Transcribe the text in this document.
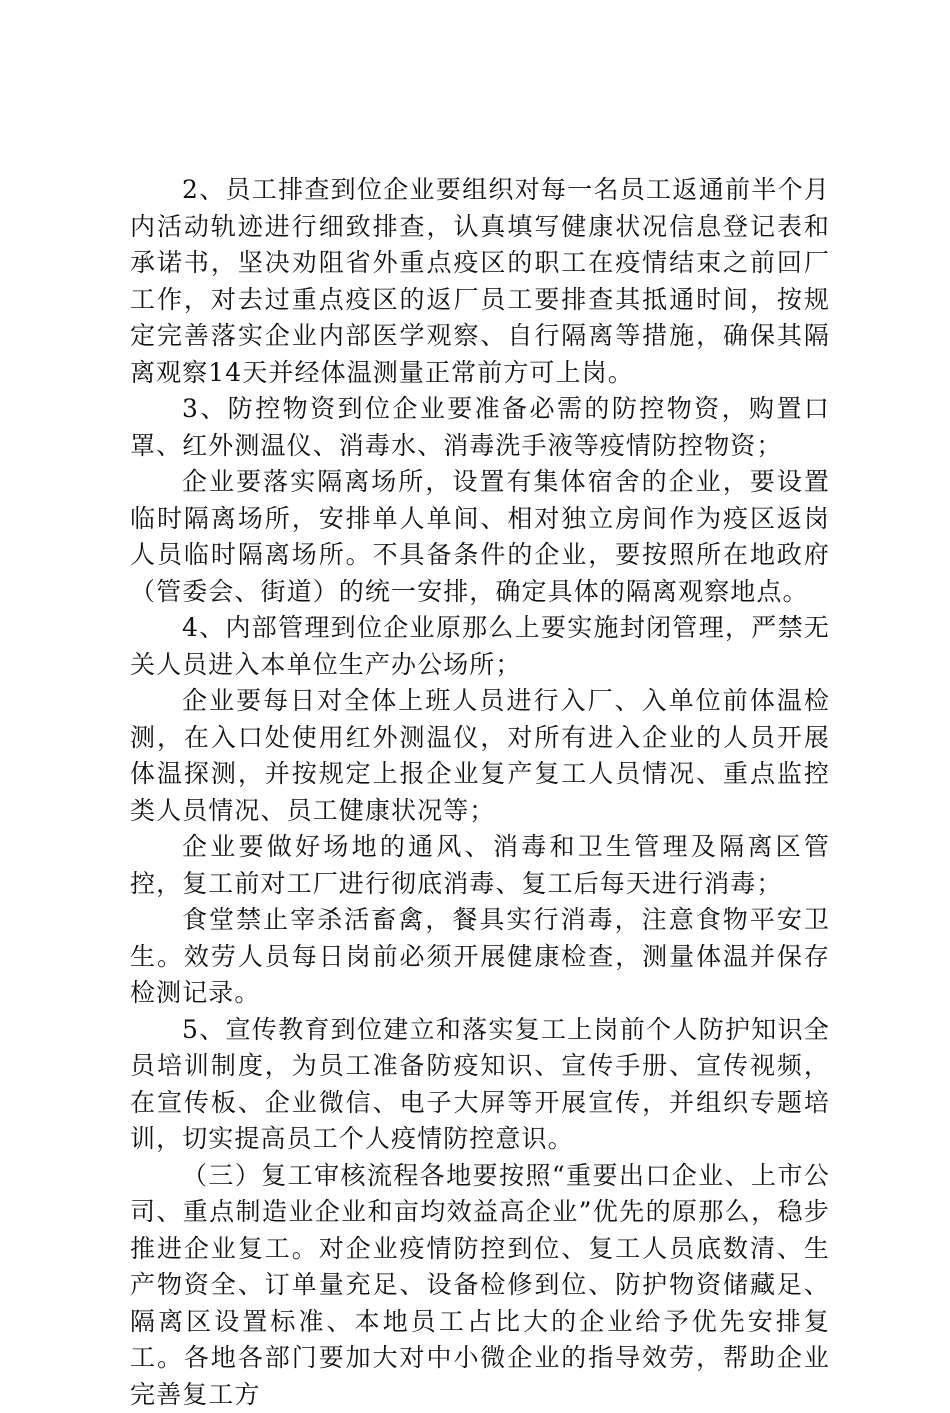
2、员工排查到位企业要组织对每一名员工返通前半个月内活动轨迹进行细致排查，认真填写健康状况信息登记表和承诺书，坚决劝阻省外重点疫区的职工在疫情结束之前回厂工作，对去过重点疫区的返厂员工要排查其抵通时间，按规定完善落实企业内部医学观察、自行隔离等措施，确保其隔离观察14天并经体温测量正常前方可上岗。

3、防控物资到位企业要准备必需的防控物资，购置口罩、红外测温仪、消毒水、消毒洗手液等疫情防控物资；

企业要落实隔离场所，设置有集体宿舍的企业，要设置临时隔离场所，安排单人单间、相对独立房间作为疫区返岗人员临时隔离场所。不具备条件的企业，要按照所在地政府（管委会、街道）的统一安排，确定具体的隔离观察地点。

4、内部管理到位企业原那么上要实施封闭管理，严禁无关人员进入本单位生产办公场所；

企业要每日对全体上班人员进行入厂、入单位前体温检测，在入口处使用红外测温仪，对所有进入企业的人员开展体温探测，并按规定上报企业复产复工人员情况、重点监控类人员情况、员工健康状况等；

企业要做好场地的通风、消毒和卫生管理及隔离区管控，复工前对工厂进行彻底消毒、复工后每天进行消毒；

食堂禁止宰杀活畜禽，餐具实行消毒，注意食物平安卫生。效劳人员每日岗前必须开展健康检查，测量体温并保存检测记录。

5、宣传教育到位建立和落实复工上岗前个人防护知识全员培训制度，为员工准备防疫知识、宣传手册、宣传视频，在宣传板、企业微信、电子大屏等开展宣传，并组织专题培训，切实提高员工个人疫情防控意识。

（三）复工审核流程各地要按照“重要出口企业、上市公司、重点制造业企业和亩均效益高企业”优先的原那么，稳步推进企业复工。对企业疫情防控到位、复工人员底数清、生产物资全、订单量充足、设备检修到位、防护物资储藏足、隔离区设置标准、本地员工占比大的企业给予优先安排复工。各地各部门要加大对中小微企业的指导效劳，帮助企业完善复工方
